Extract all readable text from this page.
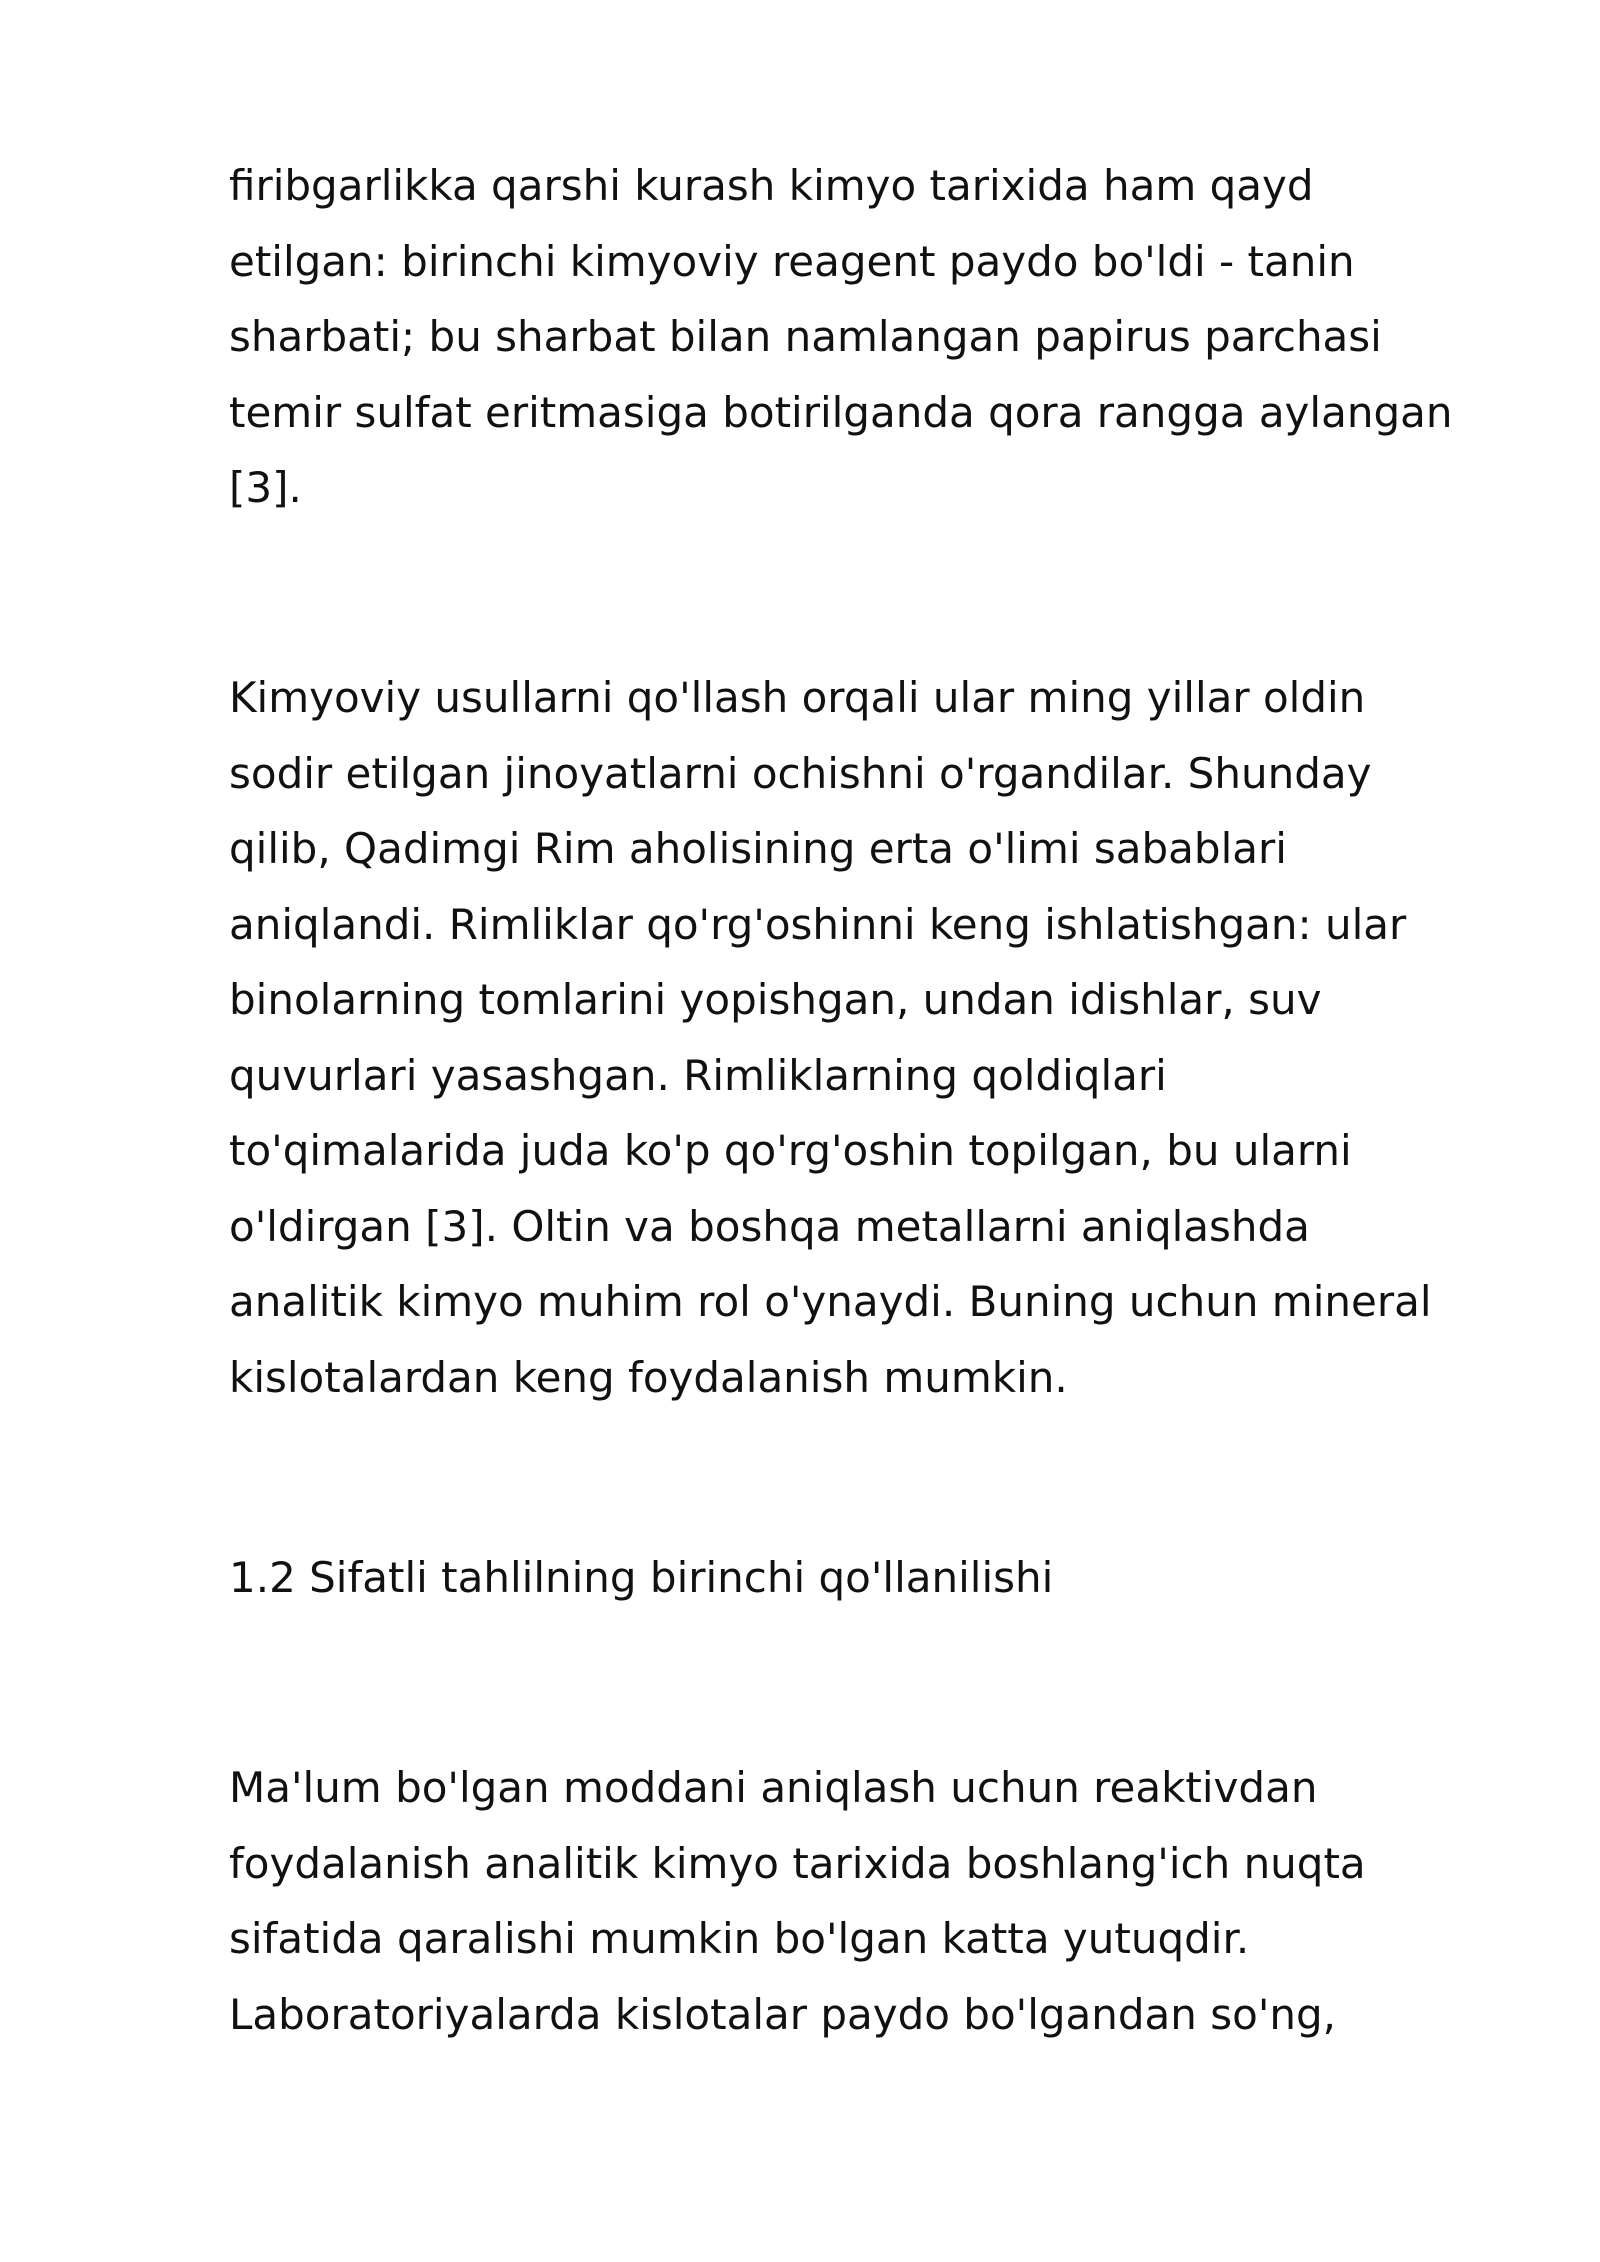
firibgarlikka qarshi kurash kimyo tarixida ham qayd
etilgan: birinchi kimyoviy reagent paydo bo'ldi - tanin
sharbati; bu sharbat bilan namlangan papirus parchasi
temir sulfat eritmasiga botirilganda qora rangga aylangan
[3].

Kimyoviy usullarni qo'llash orqali ular ming yillar oldin
sodir etilgan jinoyatlarni ochishni o'rgandilar. Shunday
qilib, Qadimgi Rim aholisining erta o'limi sabablari
aniqlandi. Rimliklar qo'rg'oshinni keng ishlatishgan: ular
binolarning tomlarini yopishgan, undan idishlar, suv
quvurlari yasashgan. Rimliklarning qoldiqlari
to'qimalarida juda ko'p qo'rg'oshin topilgan, bu ularni
o'ldirgan [3]. Oltin va boshqa metallarni aniqlashda
analitik kimyo muhim rol o'ynaydi. Buning uchun mineral
kislotalardan keng foydalanish mumkin.

1.2 Sifatli tahlilning birinchi qo'llanilishi

Ma'lum bo'lgan moddani aniqlash uchun reaktivdan
foydalanish analitik kimyo tarixida boshlang'ich nuqta
sifatida qaralishi mumkin bo'lgan katta yutuqdir.
Laboratoriyalarda kislotalar paydo bo'lgandan so'ng,
